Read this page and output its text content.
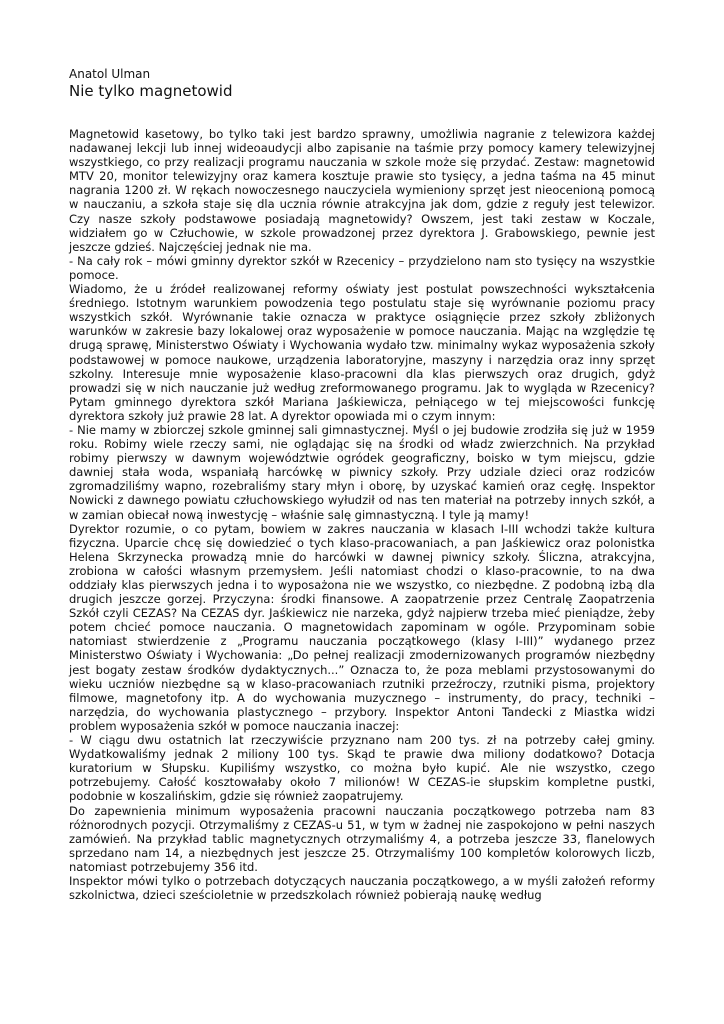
Anatol Ulman

Nie tylko magnetowid

Magnetowid kasetowy, bo tylko taki jest bardzo sprawny, umożliwia nagranie z telewizora każdej nadawanej lekcji lub innej wideoaudycji albo zapisanie na taśmie przy pomocy kamery telewizyjnej wszystkiego, co przy realizacji programu nauczania w szkole może się przydać. Zestaw: magnetowid MTV 20, monitor telewizyjny oraz kamera kosztuje prawie sto tysięcy, a jedna taśma na 45 minut nagrania 1200 zł. W rękach nowoczesnego nauczyciela wymieniony sprzęt jest nieocenioną pomocą w nauczaniu, a szkoła staje się dla ucznia równie atrakcyjna jak dom, gdzie z reguły jest telewizor. Czy nasze szkoły podstawowe posiadają magnetowidy? Owszem, jest taki zestaw w Koczale, widziałem go w Człuchowie, w szkole prowadzonej przez dyrektora J. Grabowskiego, pewnie jest jeszcze gdzieś. Najczęściej jednak nie ma.

- Na cały rok – mówi gminny dyrektor szkół w Rzecenicy – przydzielono nam sto tysięcy na wszystkie pomoce.

Wiadomo, że u źródeł realizowanej reformy oświaty jest postulat powszechności wykształcenia średniego. Istotnym warunkiem powodzenia tego postulatu staje się wyrównanie poziomu pracy wszystkich szkół. Wyrównanie takie oznacza w praktyce osiągnięcie przez szkoły zbliżonych warunków w zakresie bazy lokalowej oraz wyposażenie w pomoce nauczania. Mając na względzie tę drugą sprawę, Ministerstwo Oświaty i Wychowania wydało tzw. minimalny wykaz wyposażenia szkoły podstawowej w pomoce naukowe, urządzenia laboratoryjne, maszyny i narzędzia oraz inny sprzęt szkolny. Interesuje mnie wyposażenie klaso-pracowni dla klas pierwszych oraz drugich, gdyż prowadzi się w nich nauczanie już według zreformowanego programu. Jak to wygląda w Rzecenicy? Pytam gminnego dyrektora szkół Mariana Jaśkiewicza, pełniącego w tej miejscowości funkcję dyrektora szkoły już prawie 28 lat. A dyrektor opowiada mi o czym innym:

- Nie mamy w zbiorczej szkole gminnej sali gimnastycznej. Myśl o jej budowie zrodziła się już w 1959 roku. Robimy wiele rzeczy sami, nie oglądając się na środki od władz zwierzchnich. Na przykład robimy pierwszy w dawnym województwie ogródek geograficzny, boisko w tym miejscu, gdzie dawniej stała woda, wspaniałą harcówkę w piwnicy szkoły. Przy udziale dzieci oraz rodziców zgromadziliśmy wapno, rozebraliśmy stary młyn i oborę, by uzyskać kamień oraz cegłę. Inspektor Nowicki z dawnego powiatu człuchowskiego wyłudził od nas ten materiał na potrzeby innych szkół, a w zamian obiecał nową inwestycję – właśnie salę gimnastyczną. I tyle ją mamy!

Dyrektor rozumie, o co pytam, bowiem w zakres nauczania w klasach I-III wchodzi także kultura fizyczna. Uparcie chcę się dowiedzieć o tych klaso-pracowaniach, a pan Jaśkiewicz oraz polonistka Helena Skrzynecka prowadzą mnie do harcówki w dawnej piwnicy szkoły. Śliczna, atrakcyjna, zrobiona w całości własnym przemysłem. Jeśli natomiast chodzi o klaso-pracownie, to na dwa oddziały klas pierwszych jedna i to wyposażona nie we wszystko, co niezbędne. Z podobną izbą dla drugich jeszcze gorzej. Przyczyna: środki finansowe. A zaopatrzenie przez Centralę Zaopatrzenia Szkół czyli CEZAS? Na CEZAS dyr. Jaśkiewicz nie narzeka, gdyż najpierw trzeba mieć pieniądze, żeby potem chcieć pomoce nauczania. O magnetowidach zapominam w ogóle. Przypominam sobie natomiast stwierdzenie z „Programu nauczania początkowego (klasy I-III)” wydanego przez Ministerstwo Oświaty i Wychowania: „Do pełnej realizacji zmodernizowanych programów niezbędny jest bogaty zestaw środków dydaktycznych...” Oznacza to, że poza meblami przystosowanymi do wieku uczniów niezbędne są w klaso-pracowaniach rzutniki przeźroczy, rzutniki pisma, projektory filmowe, magnetofony itp. A do wychowania muzycznego – instrumenty, do pracy, techniki – narzędzia, do wychowania plastycznego – przybory. Inspektor Antoni Tandecki z Miastka widzi problem wyposażenia szkół w pomoce nauczania inaczej:

- W ciągu dwu ostatnich lat rzeczywiście przyznano nam 200 tys. zł na potrzeby całej gminy. Wydatkowaliśmy jednak 2 miliony 100 tys. Skąd te prawie dwa miliony dodatkowo? Dotacja kuratorium w Słupsku. Kupiliśmy wszystko, co można było kupić. Ale nie wszystko, czego potrzebujemy. Całość kosztowałaby około 7 milionów! W CEZAS-ie słupskim kompletne pustki, podobnie w koszalińskim, gdzie się również zaopatrujemy.

Do zapewnienia minimum wyposażenia pracowni nauczania początkowego potrzeba nam 83 różnorodnych pozycji. Otrzymaliśmy z CEZAS-u 51, w tym w żadnej nie zaspokojono w pełni naszych zamówień. Na przykład tablic magnetycznych otrzymaliśmy 4, a potrzeba jeszcze 33, flanelowych sprzedano nam 14, a niezbędnych jest jeszcze 25. Otrzymaliśmy 100 kompletów kolorowych liczb, natomiast potrzebujemy 356 itd.

Inspektor mówi tylko o potrzebach dotyczących nauczania początkowego, a w myśli założeń reformy szkolnictwa, dzieci sześcioletnie w przedszkolach również pobierają naukę według
